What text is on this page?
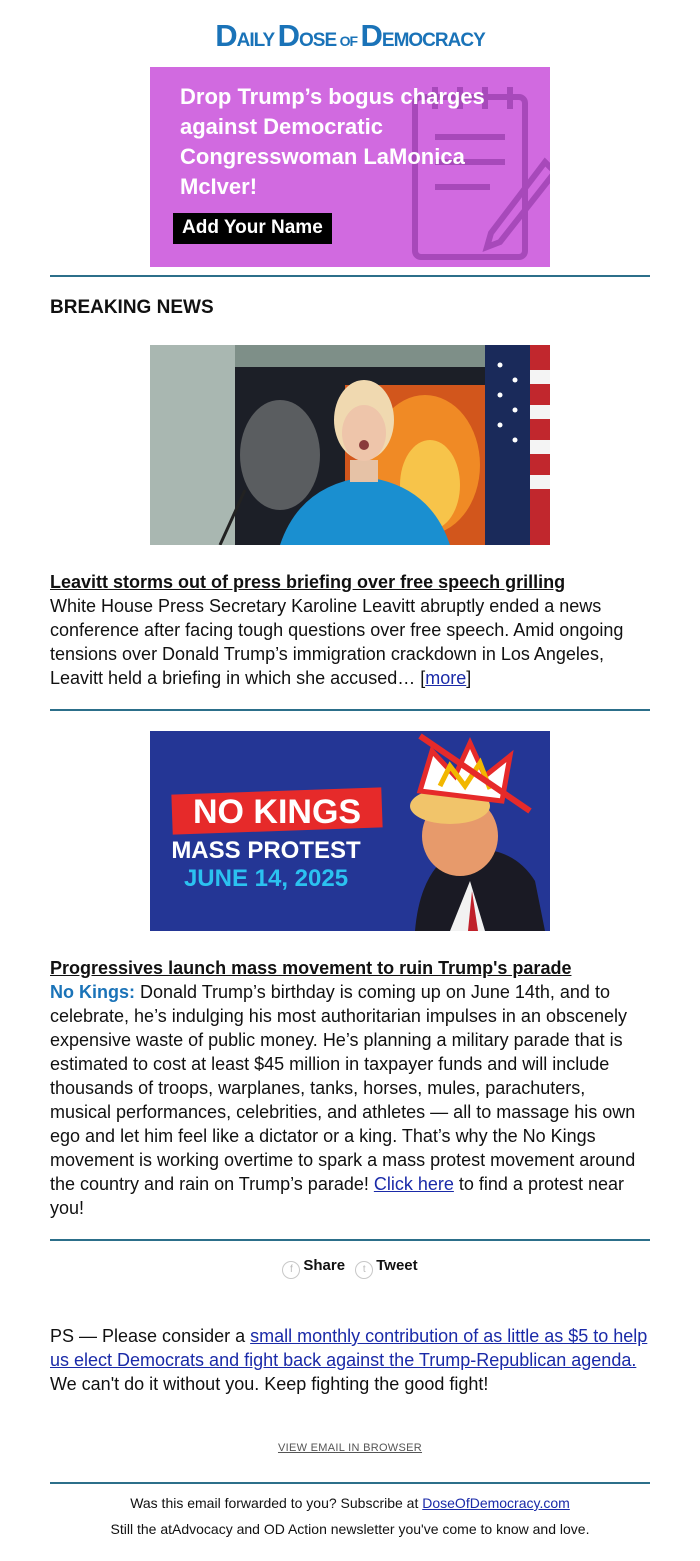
DAILY DOSE OF DEMOCRACY
Drop Trump’s bogus charges against Democratic Congresswoman LaMonica McIver!
Add Your Name
BREAKING NEWS
Leavitt storms out of press briefing over free speech grilling
White House Press Secretary Karoline Leavitt abruptly ended a news conference after facing tough questions over free speech. Amid ongoing tensions over Donald Trump’s immigration crackdown in Los Angeles, Leavitt held a briefing in which she accused… [more]
NO KINGS
MASS PROTEST
JUNE 14, 2025
Progressives launch mass movement to ruin Trump's parade
No Kings: Donald Trump’s birthday is coming up on June 14th, and to celebrate, he’s indulging his most authoritarian impulses in an obscenely expensive waste of public money. He’s planning a military parade that is estimated to cost at least $45 million in taxpayer funds and will include thousands of troops, warplanes, tanks, horses, mules, parachuters, musical performances, celebrities, and athletes — all to massage his own ego and let him feel like a dictator or a king. That’s why the No Kings movement is working overtime to spark a mass protest movement around the country and rain on Trump’s parade! Click here to find a protest near you!
f Share t Tweet
PS — Please consider a small monthly contribution of as little as $5 to help us elect Democrats and fight back against the Trump-Republican agenda. We can't do it without you. Keep fighting the good fight!
VIEW EMAIL IN BROWSER
Was this email forwarded to you? Subscribe at DoseOfDemocracy.com
Still the atAdvocacy and OD Action newsletter you've come to know and love.
